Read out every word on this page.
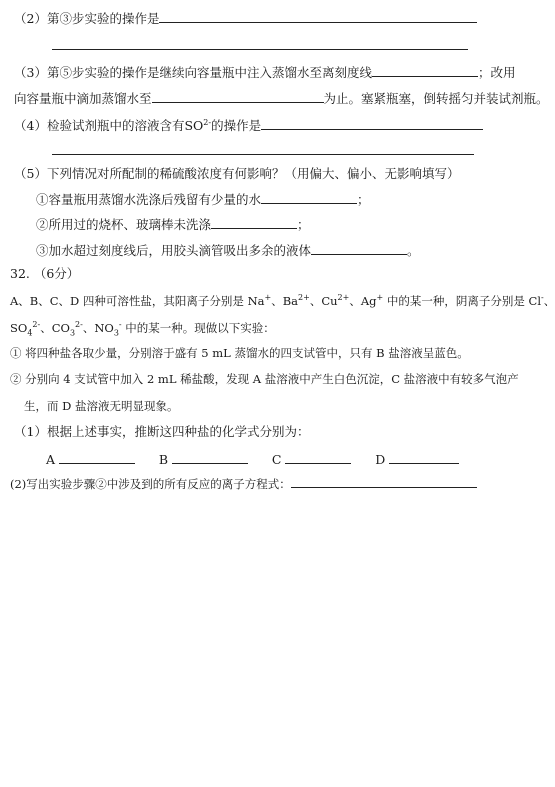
（2）第③步实验的操作是
（3）第⑤步实验的操作是继续向容量瓶中注入蒸馏水至离刻度线	；改用
向容量瓶中滴加蒸馏水至	为止。塞紧瓶塞，倒转摇匀并装试剂瓶。
（4）检验试剂瓶中的溶液含有$SO^{2-}$的操作是
（5）下列情况对所配制的稀硫酸浓度有何影响？（用偏大、偏小、无影响填写）
①容量瓶用蒸馏水洗涤后残留有少量的水	；
②所用过的烧杯、玻璃棒未洗涤	；
③加水超过刻度线后，用胶头滴管吸出多余的液体	。
32. （6分）
A、B、C、D 四种可溶性盐，其阳离子分别是 Na+、$Ba^{2+}$、$Cu^{2+}$、Ag+ 中的某一种，阴离子分别是 Cl-、
$SO_4^{2-}$、$CO_3^{2-}$、$NO_3^-$ 中的某一种。现做以下实验：
① 将四种盐各取少量，分别溶于盛有 5 mL 蒸馏水的四支试管中，只有 B 盐溶液呈蓝色。
② 分别向 4 支试管中加入 2 mL 稀盐酸，发现 A 盐溶液中产生白色沉淀，C 盐溶液中有较多气泡产
生，而 D 盐溶液无明显现象。
（1）根据上述事实，推断这四种盐的化学式分别为：
A	B	C	D
(2)写出实验步骤②中涉及到的所有反应的离子方程式：
